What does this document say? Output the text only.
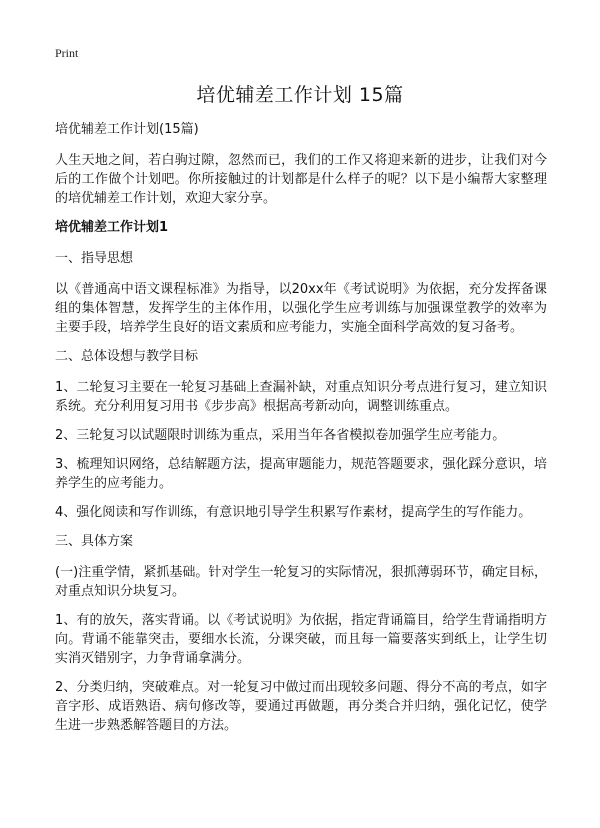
Print
培优辅差工作计划 15篇

培优辅差工作计划(15篇)

人生天地之间，若白驹过隙，忽然而已，我们的工作又将迎来新的进步，让我们对今后的工作做个计划吧。你所接触过的计划都是什么样子的呢？以下是小编帮大家整理的培优辅差工作计划，欢迎大家分享。

培优辅差工作计划1

一、指导思想

以《普通高中语文课程标准》为指导，以20xx年《考试说明》为依据，充分发挥备课组的集体智慧，发挥学生的主体作用，以强化学生应考训练与加强课堂教学的效率为主要手段，培养学生良好的语文素质和应考能力，实施全面科学高效的复习备考。

二、总体设想与教学目标

1、二轮复习主要在一轮复习基础上查漏补缺，对重点知识分考点进行复习，建立知识系统。充分利用复习用书《步步高》根据高考新动向，调整训练重点。

2、三轮复习以试题限时训练为重点，采用当年各省模拟卷加强学生应考能力。

3、梳理知识网络，总结解题方法，提高审题能力，规范答题要求，强化踩分意识，培养学生的应考能力。

4、强化阅读和写作训练，有意识地引导学生积累写作素材，提高学生的写作能力。

三、具体方案

(一)注重学情，紧抓基础。针对学生一轮复习的实际情况，狠抓薄弱环节，确定目标，对重点知识分块复习。

1、有的放矢，落实背诵。以《考试说明》为依据，指定背诵篇目，给学生背诵指明方向。背诵不能靠突击，要细水长流，分课突破，而且每一篇要落实到纸上，让学生切实消灭错别字，力争背诵拿满分。

2、分类归纳，突破难点。对一轮复习中做过而出现较多问题、得分不高的考点，如字音字形、成语熟语、病句修改等，要通过再做题，再分类合并归纳，强化记忆，使学生进一步熟悉解答题目的方法。
